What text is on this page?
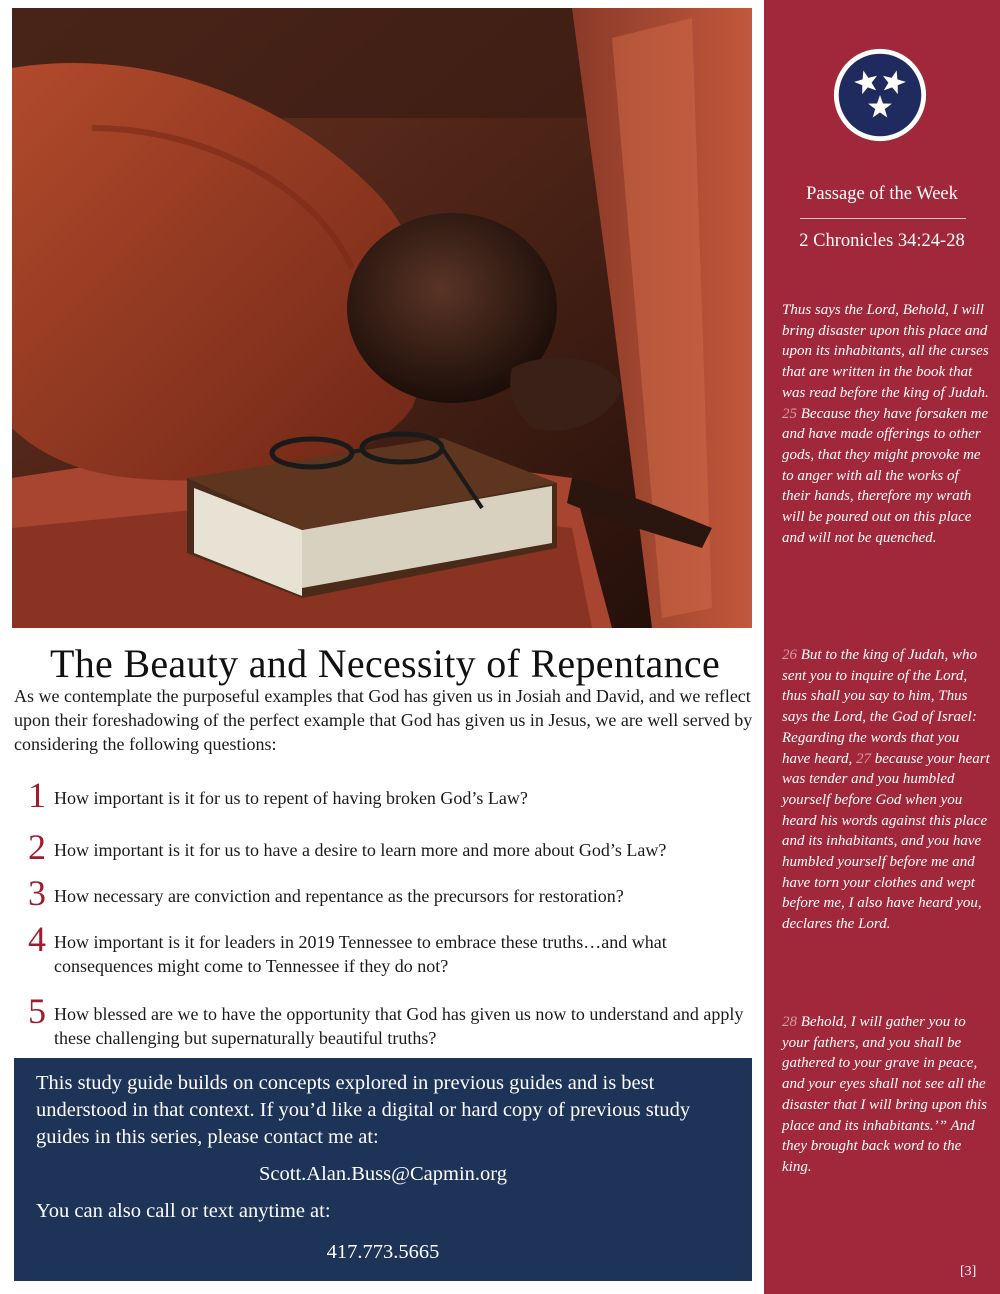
The Beauty and Necessity of Repentance

As we contemplate the purposeful examples that God has given us in Josiah and David, and we reflect upon their foreshadowing of the perfect example that God has given us in Jesus, we are well served by considering the following questions:

1 How important is it for us to repent of having broken God’s Law?
2 How important is it for us to have a desire to learn more and more about God’s Law?
3 How necessary are conviction and repentance as the precursors for restoration?
4 How important is it for leaders in 2019 Tennessee to embrace these truths…and what consequences might come to Tennessee if they do not?
5 How blessed are we to have the opportunity that God has given us now to understand and apply these challenging but supernaturally beautiful truths?

This study guide builds on concepts explored in previous guides and is best understood in that context. If you’d like a digital or hard copy of previous study guides in this series, please contact me at:

Scott.Alan.Buss@Capmin.org

You can also call or text anytime at:

417.773.5665

Passage of the Week
2 Chronicles 34:24-28

Thus says the Lord, Behold, I will bring disaster upon this place and upon its inhabitants, all the curses that are written in the book that was read before the king of Judah. 25 Because they have forsaken me and have made offerings to other gods, that they might provoke me to anger with all the works of their hands, therefore my wrath will be poured out on this place and will not be quenched.

26 But to the king of Judah, who sent you to inquire of the Lord, thus shall you say to him, Thus says the Lord, the God of Israel: Regarding the words that you have heard, 27 because your heart was tender and you humbled yourself before God when you heard his words against this place and its inhabitants, and you have humbled yourself before me and have torn your clothes and wept before me, I also have heard you, declares the Lord.

28 Behold, I will gather you to your fathers, and you shall be gathered to your grave in peace, and your eyes shall not see all the disaster that I will bring upon this place and its inhabitants.’” And they brought back word to the king.

[3]
